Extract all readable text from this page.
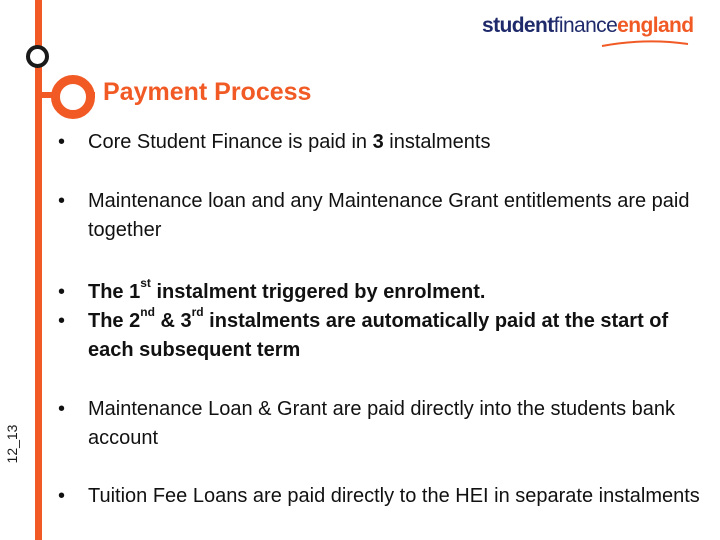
studentfinanceengland
Payment Process
12_13
• Core Student Finance is paid in 3 instalments
• Maintenance loan and any Maintenance Grant entitlements are paid together
• The 1st instalment triggered by enrolment.
• The 2nd & 3rd instalments are automatically paid at the start of each subsequent term
• Maintenance Loan & Grant are paid directly into the students bank account
• Tuition Fee Loans are paid directly to the HEI in separate instalments
